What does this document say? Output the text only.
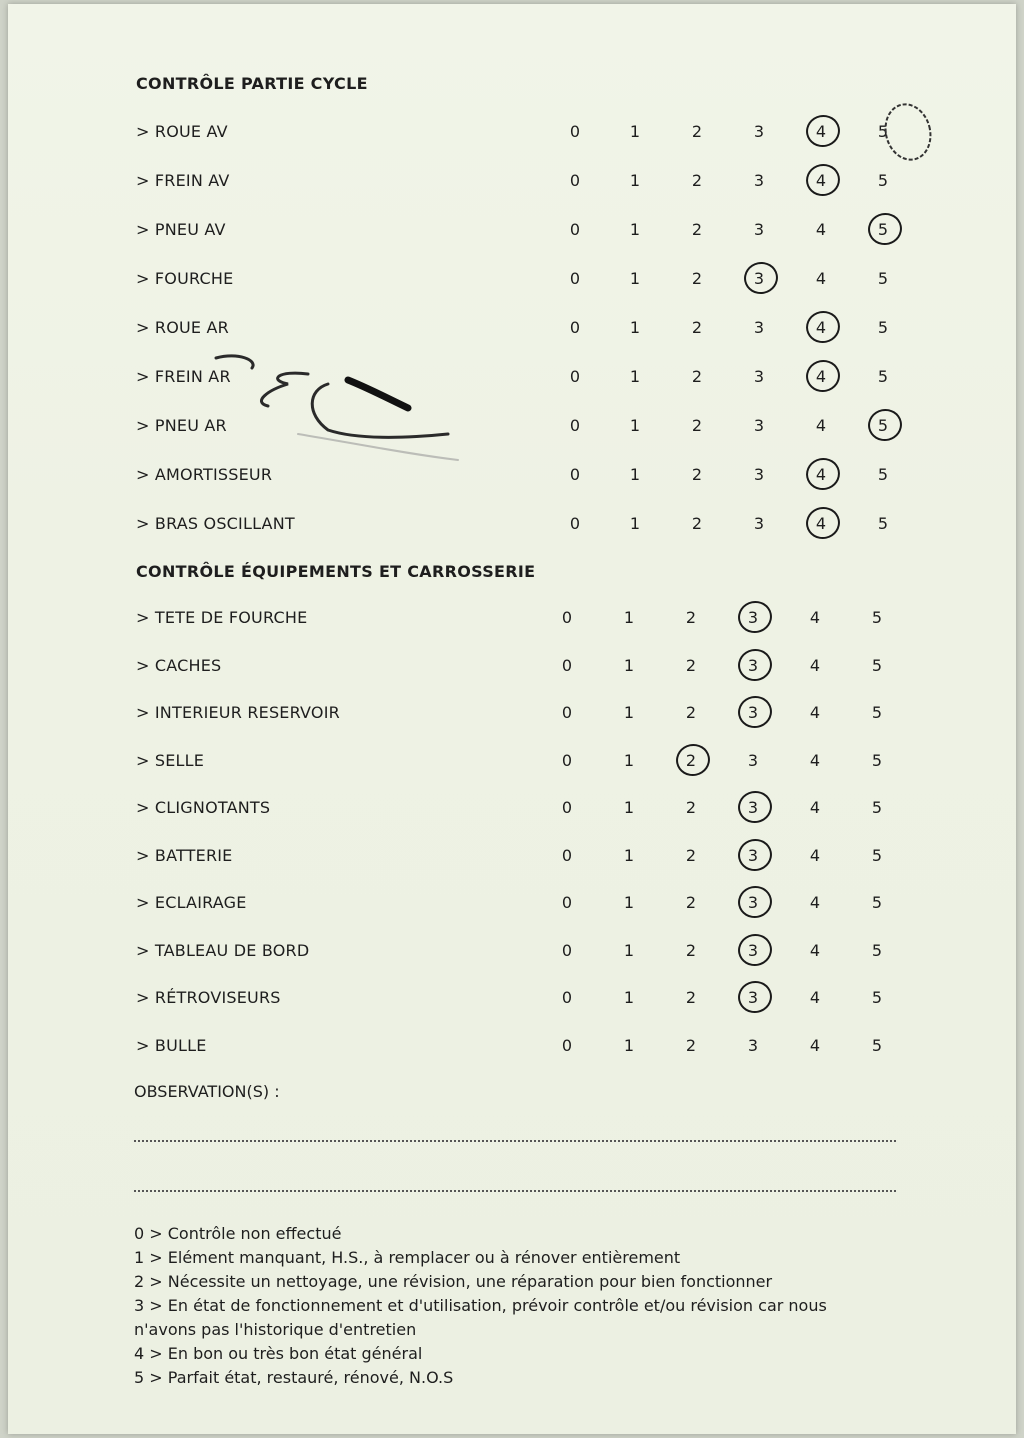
CONTRÔLE PARTIE CYCLE
> ROUE AV	0	1	2	3	4	5
> FREIN AV	0	1	2	3	4	5
> PNEU AV	0	1	2	3	4	5
> FOURCHE	0	1	2	3	4	5
> ROUE AR	0	1	2	3	4	5
> FREIN AR	0	1	2	3	4	5
> PNEU AR	0	1	2	3	4	5
> AMORTISSEUR	0	1	2	3	4	5
> BRAS OSCILLANT	0	1	2	3	4	5
CONTRÔLE ÉQUIPEMENTS ET CARROSSERIE
> TETE DE FOURCHE	0	1	2	3	4	5
> CACHES	0	1	2	3	4	5
> INTERIEUR RESERVOIR	0	1	2	3	4	5
> SELLE	0	1	2	3	4	5
> CLIGNOTANTS	0	1	2	3	4	5
> BATTERIE	0	1	2	3	4	5
> ECLAIRAGE	0	1	2	3	4	5
> TABLEAU DE BORD	0	1	2	3	4	5
> RÉTROVISEURS	0	1	2	3	4	5
> BULLE	0	1	2	3	4	5
OBSERVATION(S) :
0 > Contrôle non effectué
1 > Elément manquant, H.S., à remplacer ou à rénover entièrement
2 > Nécessite un nettoyage, une révision, une réparation pour bien fonctionner
3 > En état de fonctionnement et d'utilisation, prévoir contrôle et/ou révision car nous
n'avons pas l'historique d'entretien
4 > En bon ou très bon état général
5 > Parfait état, restauré, rénové, N.O.S
